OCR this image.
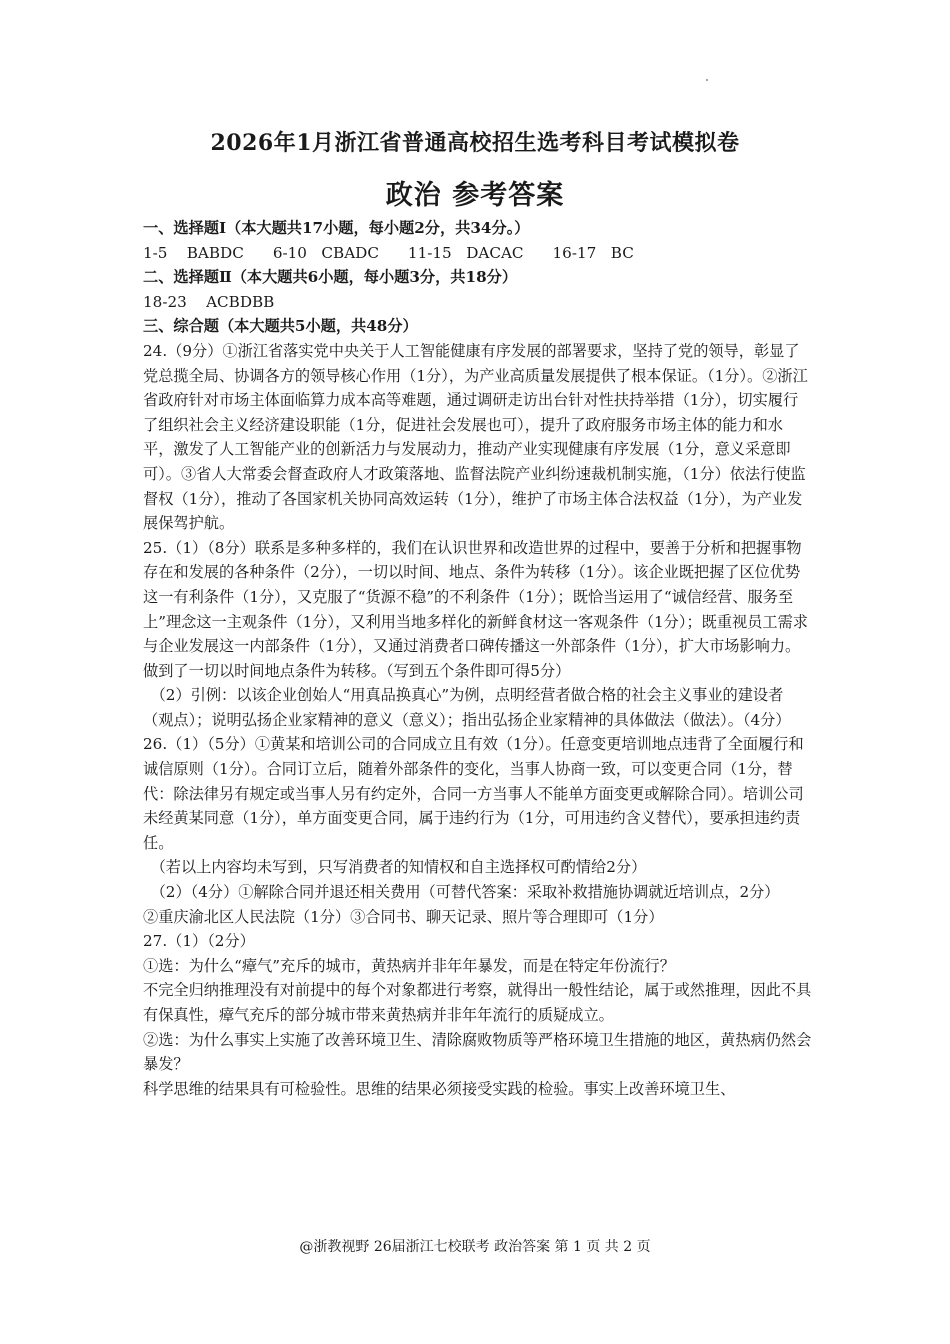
2026年1月浙江省普通高校招生选考科目考试模拟卷
政治 参考答案

一、选择题Ⅰ（本大题共17小题，每小题2分，共34分。）

1-5    BABDC      6-10   CBADC      11-15   DACAC      16-17   BC

二、选择题Ⅱ（本大题共6小题，每小题3分，共18分）

18-23    ACBDBB

三、综合题（本大题共5小题，共48分）

24.（9分）①浙江省落实党中央关于人工智能健康有序发展的部署要求，坚持了党的领导，彰显了党总揽全局、协调各方的领导核心作用（1分），为产业高质量发展提供了根本保证。（1分）。②浙江省政府针对市场主体面临算力成本高等难题，通过调研走访出台针对性扶持举措（1分），切实履行了组织社会主义经济建设职能（1分，促进社会发展也可），提升了政府服务市场主体的能力和水平，激发了人工智能产业的创新活力与发展动力，推动产业实现健康有序发展（1分，意义采意即可）。③省人大常委会督查政府人才政策落地、监督法院产业纠纷速裁机制实施，（1分）依法行使监督权（1分），推动了各国家机关协同高效运转（1分），维护了市场主体合法权益（1分），为产业发展保驾护航。

25.（1）（8分）联系是多种多样的，我们在认识世界和改造世界的过程中，要善于分析和把握事物存在和发展的各种条件（2分），一切以时间、地点、条件为转移（1分）。该企业既把握了区位优势这一有利条件（1分），又克服了“货源不稳”的不利条件（1分）；既恰当运用了“诚信经营、服务至上”理念这一主观条件（1分），又利用当地多样化的新鲜食材这一客观条件（1分）；既重视员工需求与企业发展这一内部条件（1分），又通过消费者口碑传播这一外部条件（1分），扩大市场影响力。做到了一切以时间地点条件为转移。（写到五个条件即可得5分）

（2）引例：以该企业创始人“用真品换真心”为例，点明经营者做合格的社会主义事业的建设者（观点）；说明弘扬企业家精神的意义（意义）；指出弘扬企业家精神的具体做法（做法）。（4分）

26.（1）（5分）①黄某和培训公司的合同成立且有效（1分）。任意变更培训地点违背了全面履行和诚信原则（1分）。合同订立后，随着外部条件的变化，当事人协商一致，可以变更合同（1分，替代：除法律另有规定或当事人另有约定外，合同一方当事人不能单方面变更或解除合同）。培训公司未经黄某同意（1分），单方面变更合同，属于违约行为（1分，可用违约含义替代），要承担违约责任。

（若以上内容均未写到，只写消费者的知情权和自主选择权可酌情给2分）

（2）（4分）①解除合同并退还相关费用（可替代答案：采取补救措施协调就近培训点，2分）

②重庆渝北区人民法院（1分）③合同书、聊天记录、照片等合理即可（1分）

27.（1）（2分）

①选：为什么“瘴气”充斥的城市，黄热病并非年年暴发，而是在特定年份流行？

不完全归纳推理没有对前提中的每个对象都进行考察，就得出一般性结论，属于或然推理，因此不具有保真性，瘴气充斥的部分城市带来黄热病并非年年流行的质疑成立。

②选：为什么事实上实施了改善环境卫生、清除腐败物质等严格环境卫生措施的地区，黄热病仍然会暴发？

科学思维的结果具有可检验性。思维的结果必须接受实践的检验。事实上改善环境卫生、

@浙教视野 26届浙江七校联考 政治答案 第 1 页 共 2 页
